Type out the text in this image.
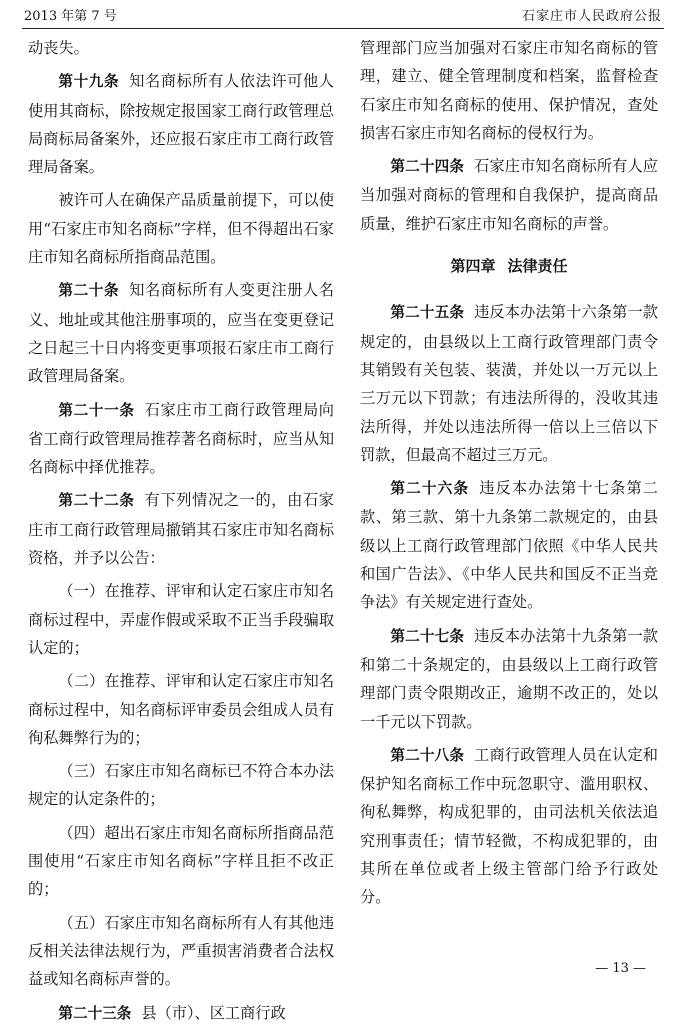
2013 年第 7 号	石家庄市人民政府公报

动丧失。

第十九条 知名商标所有人依法许可他人使用其商标，除按规定报国家工商行政管理总局商标局备案外，还应报石家庄市工商行政管理局备案。

被许可人在确保产品质量前提下，可以使用“石家庄市知名商标”字样，但不得超出石家庄市知名商标所指商品范围。

第二十条 知名商标所有人变更注册人名义、地址或其他注册事项的，应当在变更登记之日起三十日内将变更事项报石家庄市工商行政管理局备案。

第二十一条 石家庄市工商行政管理局向省工商行政管理局推荐著名商标时，应当从知名商标中择优推荐。

第二十二条 有下列情况之一的，由石家庄市工商行政管理局撤销其石家庄市知名商标资格，并予以公告：

（一）在推荐、评审和认定石家庄市知名商标过程中，弄虚作假或采取不正当手段骗取认定的；

（二）在推荐、评审和认定石家庄市知名商标过程中，知名商标评审委员会组成人员有徇私舞弊行为的；

（三）石家庄市知名商标已不符合本办法规定的认定条件的；

（四）超出石家庄市知名商标所指商品范围使用“石家庄市知名商标”字样且拒不改正的；

（五）石家庄市知名商标所有人有其他违反相关法律法规行为，严重损害消费者合法权益或知名商标声誉的。

第二十三条 县（市）、区工商行政

管理部门应当加强对石家庄市知名商标的管理，建立、健全管理制度和档案，监督检查石家庄市知名商标的使用、保护情况，查处损害石家庄市知名商标的侵权行为。

第二十四条 石家庄市知名商标所有人应当加强对商标的管理和自我保护，提高商品质量，维护石家庄市知名商标的声誉。

第四章 法律责任

第二十五条 违反本办法第十六条第一款规定的，由县级以上工商行政管理部门责令其销毁有关包装、装潢，并处以一万元以上三万元以下罚款；有违法所得的，没收其违法所得，并处以违法所得一倍以上三倍以下罚款，但最高不超过三万元。

第二十六条 违反本办法第十七条第二款、第三款、第十九条第二款规定的，由县级以上工商行政管理部门依照《中华人民共和国广告法》、《中华人民共和国反不正当竞争法》有关规定进行查处。

第二十七条 违反本办法第十九条第一款和第二十条规定的，由县级以上工商行政管理部门责令限期改正，逾期不改正的，处以一千元以下罚款。

第二十八条 工商行政管理人员在认定和保护知名商标工作中玩忽职守、滥用职权、徇私舞弊，构成犯罪的，由司法机关依法追究刑事责任；情节轻微，不构成犯罪的，由其所在单位或者上级主管部门给予行政处分。

— 13 —
